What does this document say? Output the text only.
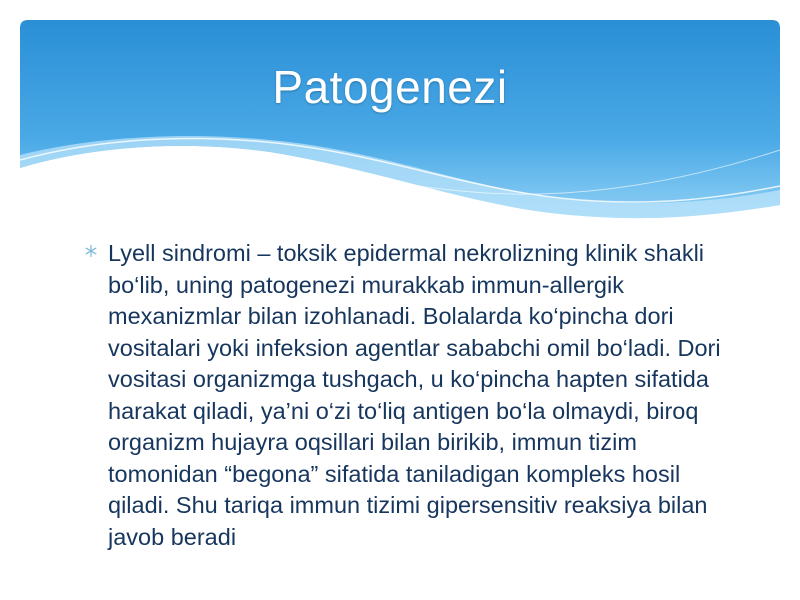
Patogenezi

Lyell sindromi – toksik epidermal nekrolizning klinik shakli bo‘lib, uning patogenezi murakkab immun-allergik mexanizmlar bilan izohlanadi. Bolalarda ko‘pincha dori vositalari yoki infeksion agentlar sababchi omil bo‘ladi. Dori vositasi organizmga tushgach, u ko‘pincha hapten sifatida harakat qiladi, ya’ni o‘zi to‘liq antigen bo‘la olmaydi, biroq organizm hujayra oqsillari bilan birikib, immun tizim tomonidan “begona” sifatida taniladigan kompleks hosil qiladi. Shu tariqa immun tizimi gipersensitiv reaksiya bilan javob beradi
